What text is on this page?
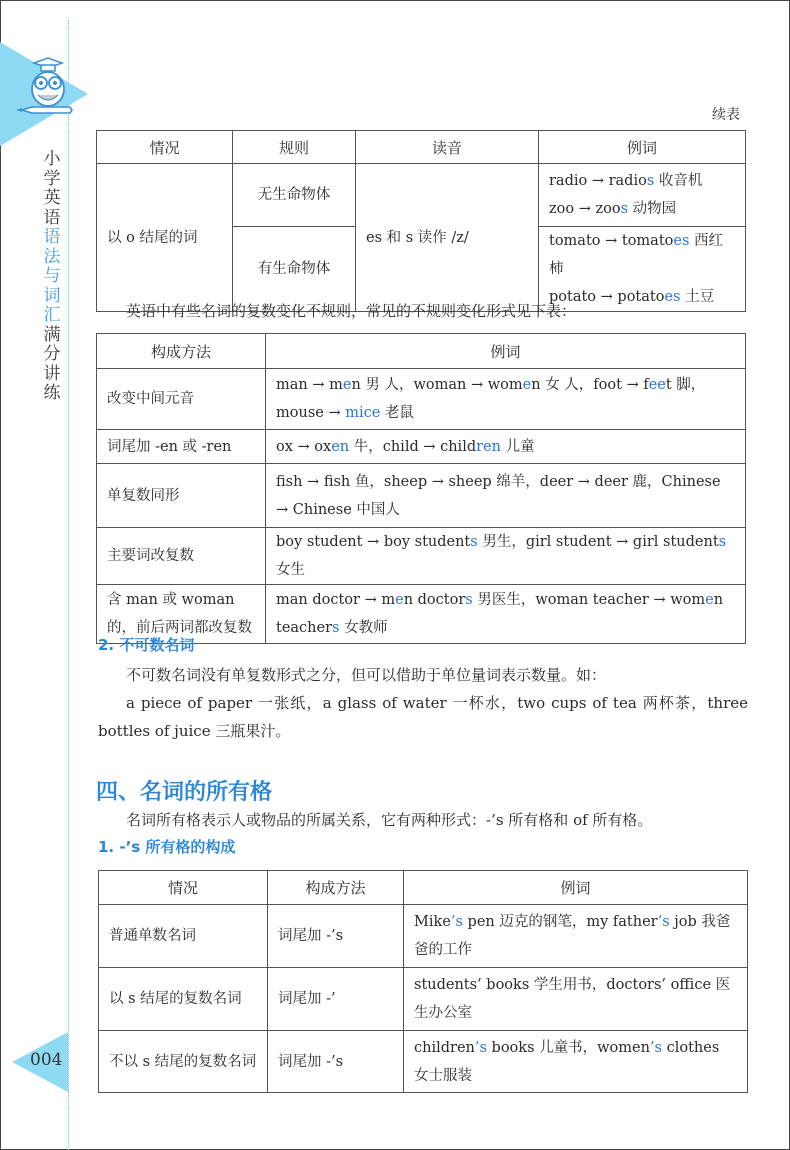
小学英语语法与词汇满分讲练
004
续表
情况	规则	读音	例词
以 o 结尾的词	无生命物体	es 和 s 读作 /z/	radio → radios 收音机
zoo → zoos 动物园

	有生命物体		tomato → tomatoes 西红柿
potato → potatoes 土豆
英语中有些名词的复数变化不规则，常见的不规则变化形式见下表：
构成方法	例词
改变中间元音	man → men 男 人，woman → women 女 人，foot → feet 脚，mouse → mice 老鼠
词尾加 -en 或 -ren	ox → oxen 牛，child → children 儿童
单复数同形	fish → fish 鱼，sheep → sheep 绵羊，deer → deer 鹿，Chinese → Chinese 中国人
主要词改复数	boy student → boy students 男生，girl student → girl students 女生
含 man 或 woman 的，前后两词都改复数	man doctor → men doctors 男医生，woman teacher → women teachers 女教师
2. 不可数名词
不可数名词没有单复数形式之分，但可以借助于单位量词表示数量。如：
a piece of paper 一张纸，a glass of water 一杯水，two cups of tea 两杯茶，three bottles of juice 三瓶果汁。
四、名词的所有格
名词所有格表示人或物品的所属关系，它有两种形式：-’s 所有格和 of 所有格。
1. -’s 所有格的构成
情况	构成方法	例词
普通单数名词	词尾加 -’s	Mike’s pen 迈克的钢笔，my father’s job 我爸爸的工作
以 s 结尾的复数名词	词尾加 -’	students’ books 学生用书，doctors’ office 医生办公室
不以 s 结尾的复数名词	词尾加 -’s	children’s books 儿童书，women’s clothes 女士服装
